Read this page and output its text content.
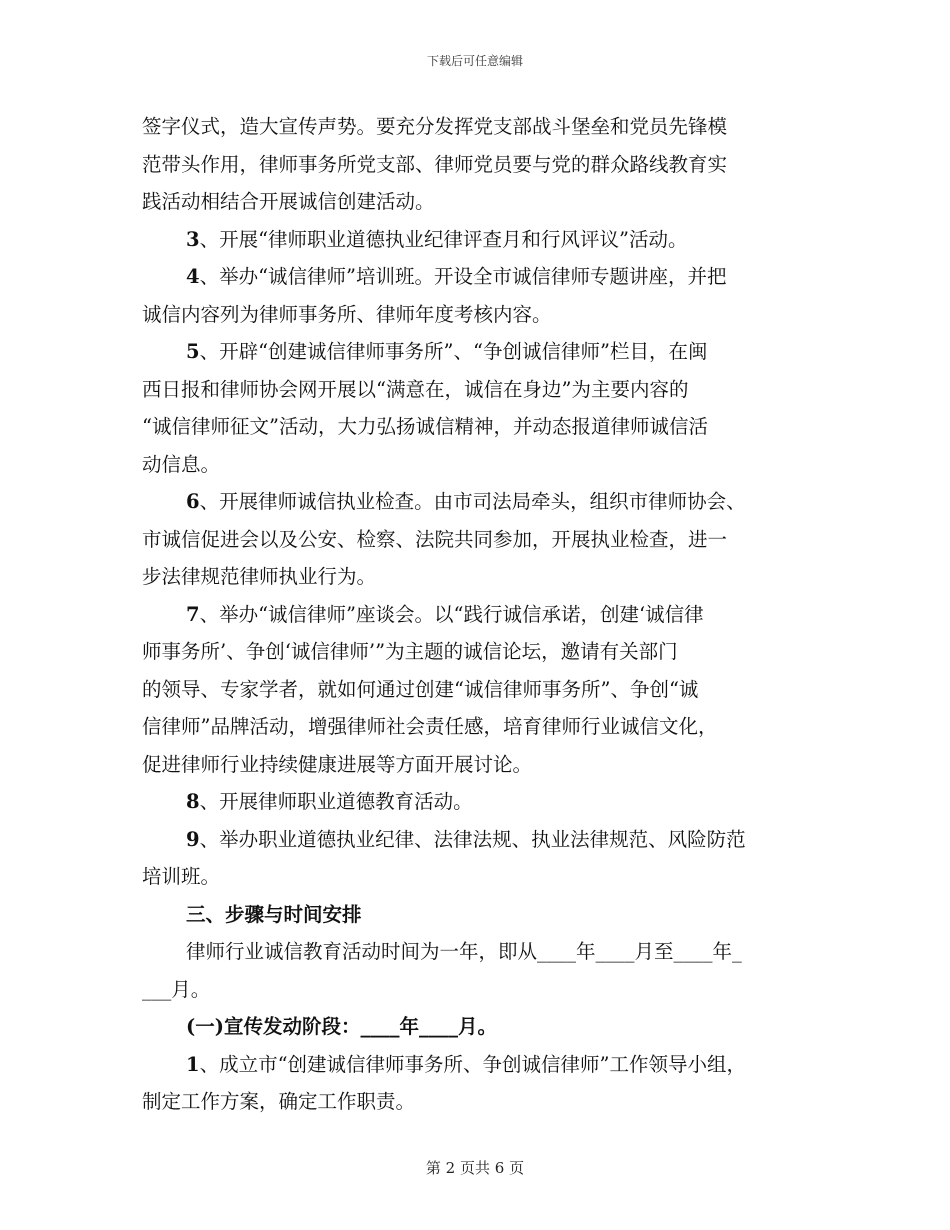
下载后可任意编辑
签字仪式，造大宣传声势。要充分发挥党支部战斗堡垒和党员先锋模
范带头作用，律师事务所党支部、律师党员要与党的群众路线教育实
践活动相结合开展诚信创建活动。
3、开展“律师职业道德执业纪律评查月和行风评议”活动。
4、举办“诚信律师”培训班。开设全市诚信律师专题讲座，并把
诚信内容列为律师事务所、律师年度考核内容。
5、开辟“创建诚信律师事务所”、“争创诚信律师”栏目，在闽
西日报和律师协会网开展以“满意在，诚信在身边”为主要内容的
“诚信律师征文”活动，大力弘扬诚信精神，并动态报道律师诚信活
动信息。
6、开展律师诚信执业检查。由市司法局牵头，组织市律师协会、
市诚信促进会以及公安、检察、法院共同参加，开展执业检查，进一
步法律规范律师执业行为。
7、举办“诚信律师”座谈会。以“践行诚信承诺，创建‘诚信律
师事务所’、争创‘诚信律师’”为主题的诚信论坛，邀请有关部门
的领导、专家学者，就如何通过创建“诚信律师事务所”、争创“诚
信律师”品牌活动，增强律师社会责任感，培育律师行业诚信文化，
促进律师行业持续健康进展等方面开展讨论。
8、开展律师职业道德教育活动。
9、举办职业道德执业纪律、法律法规、执业法律规范、风险防范
培训班。
三、步骤与时间安排
律师行业诚信教育活动时间为一年，即从____年____月至____年_
___月。
(一)宣传发动阶段：____年____月。
1、成立市“创建诚信律师事务所、争创诚信律师”工作领导小组，
制定工作方案，确定工作职责。
第 2 页共 6 页
